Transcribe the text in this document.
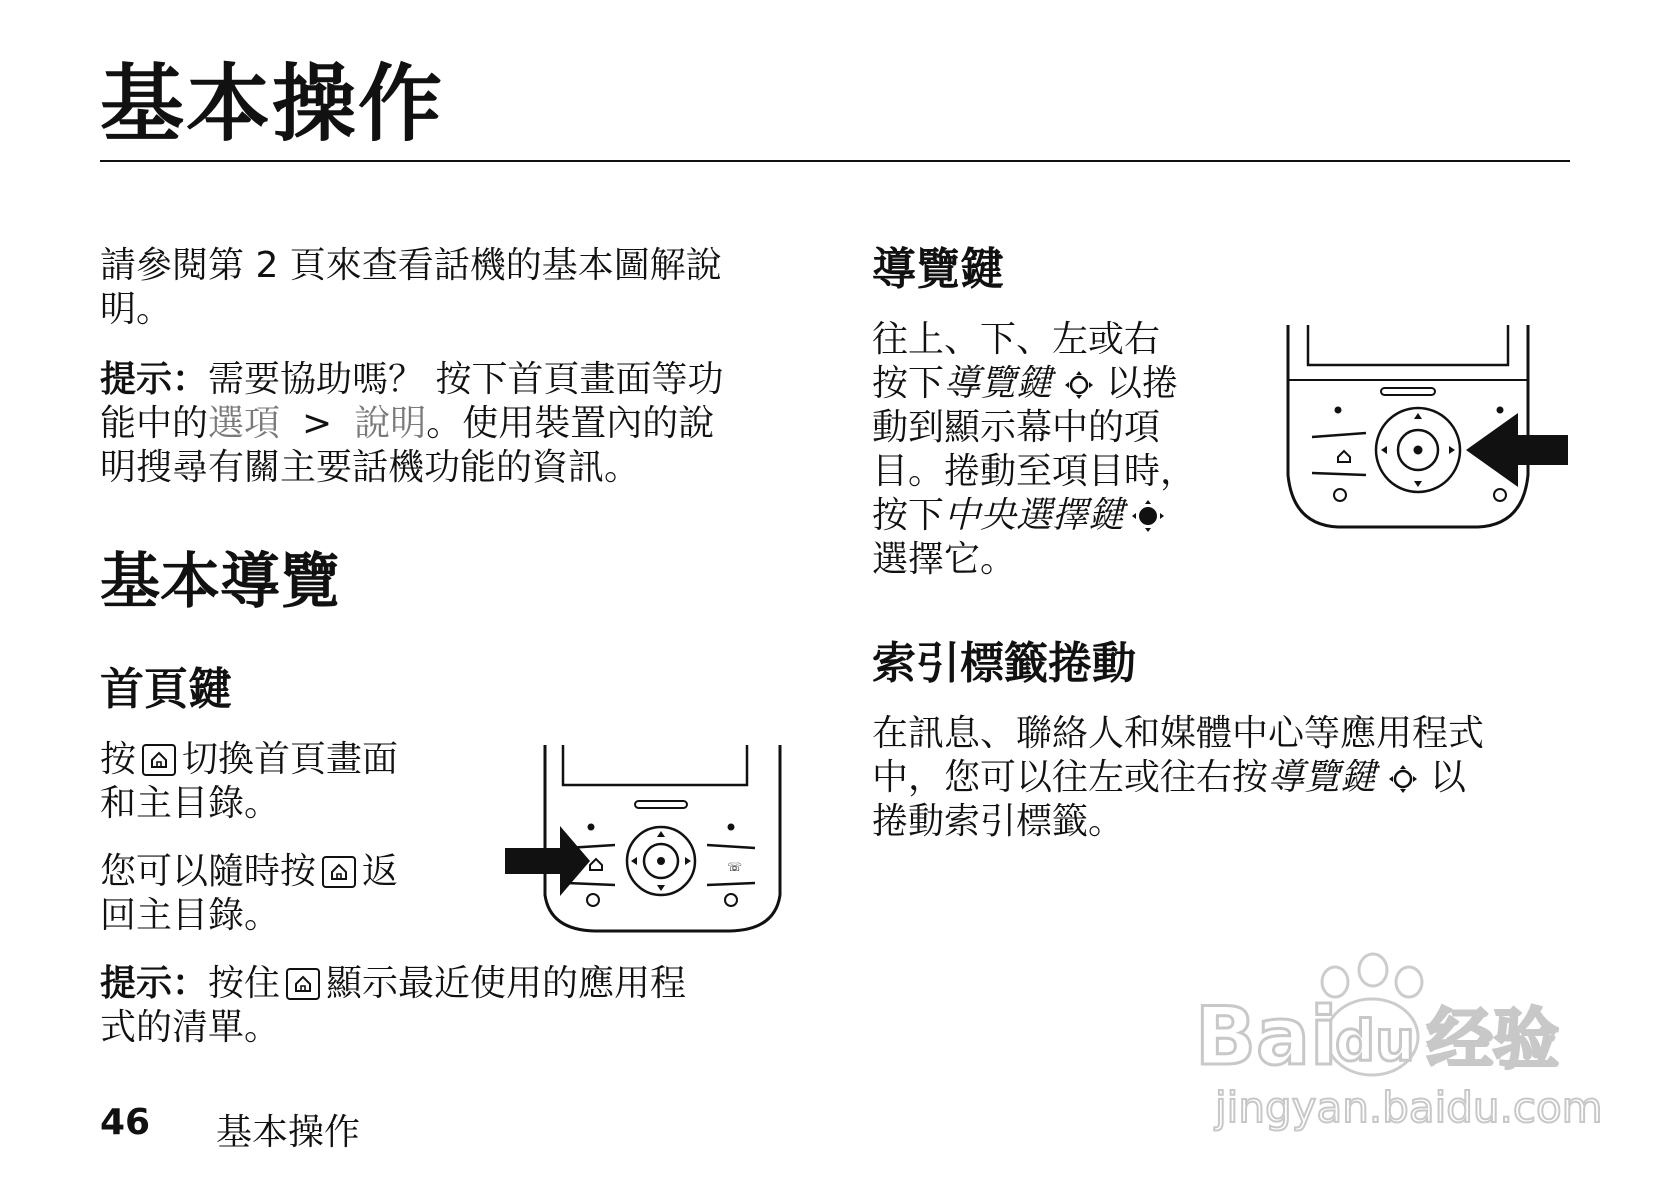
基本操作
請參閱第 2 頁來查看話機的基本圖解說
明。
提示：需要協助嗎？ 按下首頁畫面等功
能中的選項 > 說明。使用裝置內的說
明搜尋有關主要話機功能的資訊。
基本導覽
首頁鍵
按 切換首頁畫面
和主目錄。
您可以隨時按 返
回主目錄。
提示：按住 顯示最近使用的應用程
式的清單。
☏
導覽鍵
往上、下、左或右
按下導覽鍵 以捲
動到顯示幕中的項
目。捲動至項目時，
按下中央選擇鍵
選擇它。
索引標籤捲動
在訊息、聯絡人和媒體中心等應用程式
中，您可以往左或往右按導覽鍵 以
捲動索引標籤。
46 基本操作
Bai
du 经验
jingyan.baidu.com
